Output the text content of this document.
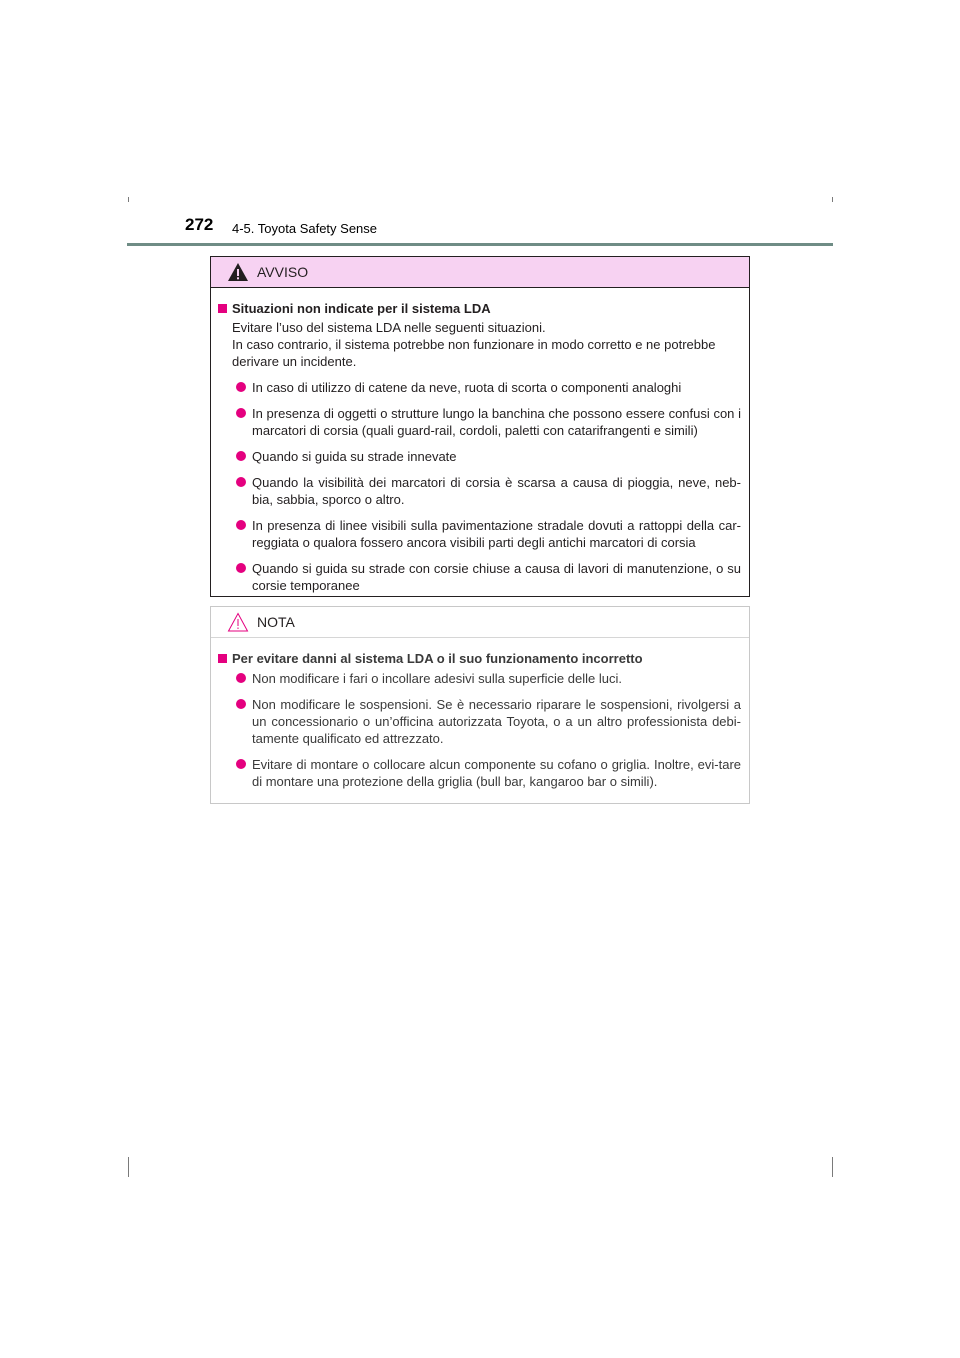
272 4-5. Toyota Safety Sense
AVVISO
Situazioni non indicate per il sistema LDA
Evitare l’uso del sistema LDA nelle seguenti situazioni.
In caso contrario, il sistema potrebbe non funzionare in modo corretto e ne potrebbe derivare un incidente.
In caso di utilizzo di catene da neve, ruota di scorta o componenti analoghi
In presenza di oggetti o strutture lungo la banchina che possono essere confusi con i marcatori di corsia (quali guard-rail, cordoli, paletti con catarifrangenti e simili)
Quando si guida su strade innevate
Quando la visibilità dei marcatori di corsia è scarsa a causa di pioggia, neve, neb-bia, sabbia, sporco o altro.
In presenza di linee visibili sulla pavimentazione stradale dovuti a rattoppi della car-reggiata o qualora fossero ancora visibili parti degli antichi marcatori di corsia
Quando si guida su strade con corsie chiuse a causa di lavori di manutenzione, o su corsie temporanee
NOTA
Per evitare danni al sistema LDA o il suo funzionamento incorretto
Non modificare i fari o incollare adesivi sulla superficie delle luci.
Non modificare le sospensioni. Se è necessario riparare le sospensioni, rivolgersi a un concessionario o un’officina autorizzata Toyota, o a un altro professionista debi-tamente qualificato ed attrezzato.
Evitare di montare o collocare alcun componente su cofano o griglia. Inoltre, evi-tare di montare una protezione della griglia (bull bar, kangaroo bar o simili).
